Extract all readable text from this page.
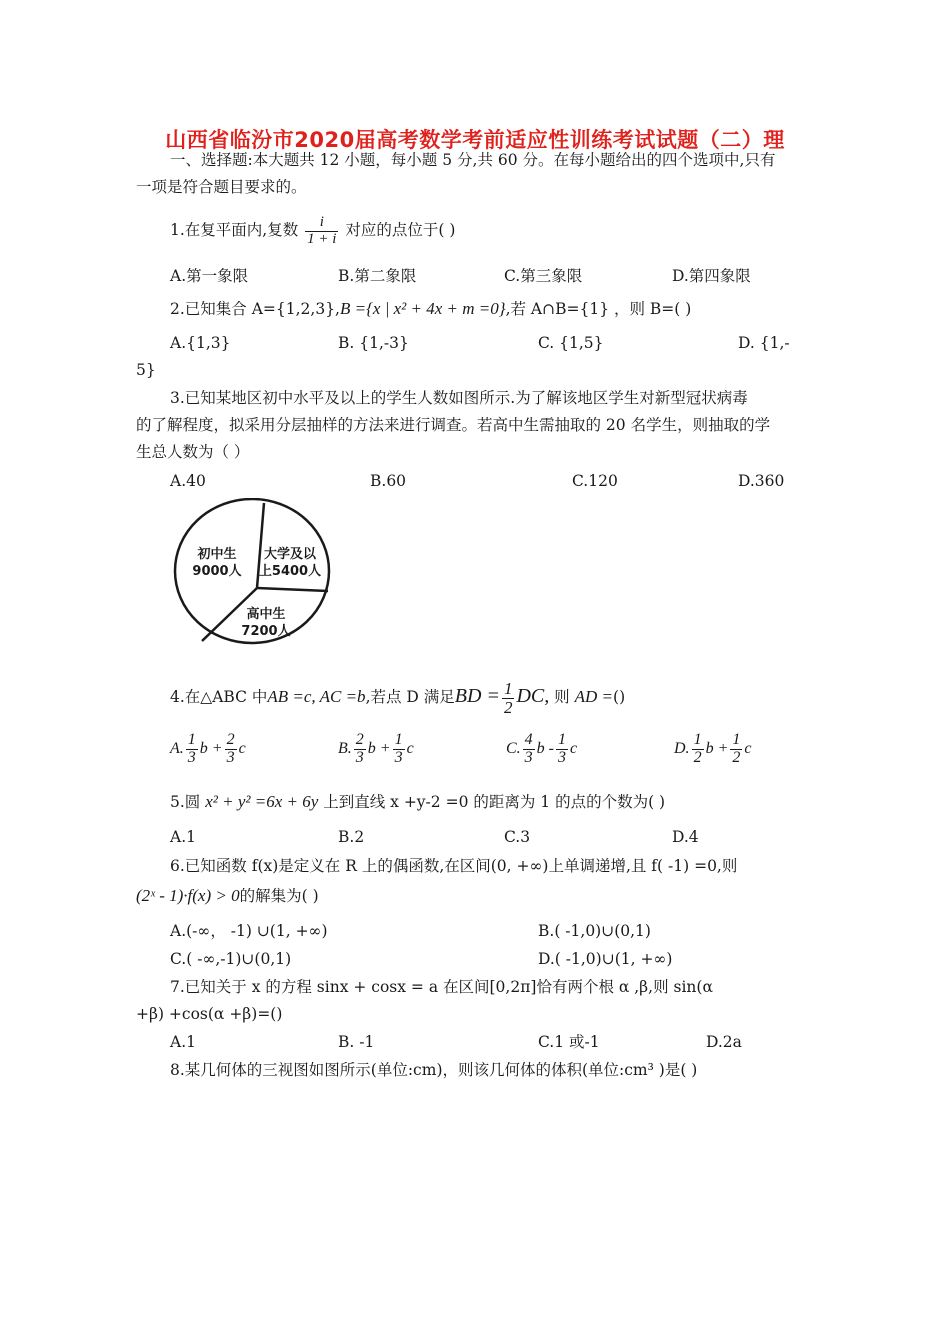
山西省临汾市2020届高考数学考前适应性训练考试试题（二）理
一、选择题:本大题共 12 小题，每小题 5 分,共 60 分。在每小题给出的四个选项中,只有
一项是符合题目要求的。
1.在复平面内,复数 $\frac{i}{1 + i}$ 对应的点位于( )
A.第一象限	B.第二象限	C.第三象限	D.第四象限
2.已知集合 A={1,2,3},B ={x | x² + 4x + m =0},若 A∩B={1} ，则 B=( )
A.{1,3}	B. {1,-3}	C. {1,5}	D. {1,-
5}
3.已知某地区初中水平及以上的学生人数如图所示.为了解该地区学生对新型冠状病毒
的了解程度，拟采用分层抽样的方法来进行调查。若高中生需抽取的 20 名学生，则抽取的学
生总人数为（ ）
A.40	B.60	C.120	D.360
初中生
9000人
大学及以
上5400人
高中生
7200人
4.在△ABC 中AB =c, AC =b,若点 D 满足BD = $\frac{1}{2}$ DC, 则 AD =()
A. $\frac{1}{3}$ $b + \frac{2}{3}$ c	B. $\frac{2}{3}$ $b + \frac{1}{3}$ c	C. $\frac{4}{3}$ b - $\frac{1}{3}$ c	D. $\frac{1}{2}$ $b + \frac{1}{2}$ c
5.圆 x² + y² =6x + 6y 上到直线 x +y-2 =0 的距离为 1 的点的个数为( )
A.1	B.2	C.3	D.4
6.已知函数 f(x)是定义在 R 上的偶函数,在区间(0, +∞)上单调递增,且 f( -1) =0,则
(2ˣ - 1)·f(x) > 0的解集为( )
A.(-∞， -1) ∪(1, +∞)	B.( -1,0)∪(0,1)
C.( -∞,-1)∪(0,1)	D.( -1,0)∪(1, +∞)
7.已知关于 x 的方程 sinx + cosx = a 在区间[0,2π]恰有两个根 α ,β,则 sin(α
+β) +cos(α +β)=()
A.1	B. -1	C.1 或-1	D.2a
8.某几何体的三视图如图所示(单位:cm)，则该几何体的体积(单位:cm³ )是( )
